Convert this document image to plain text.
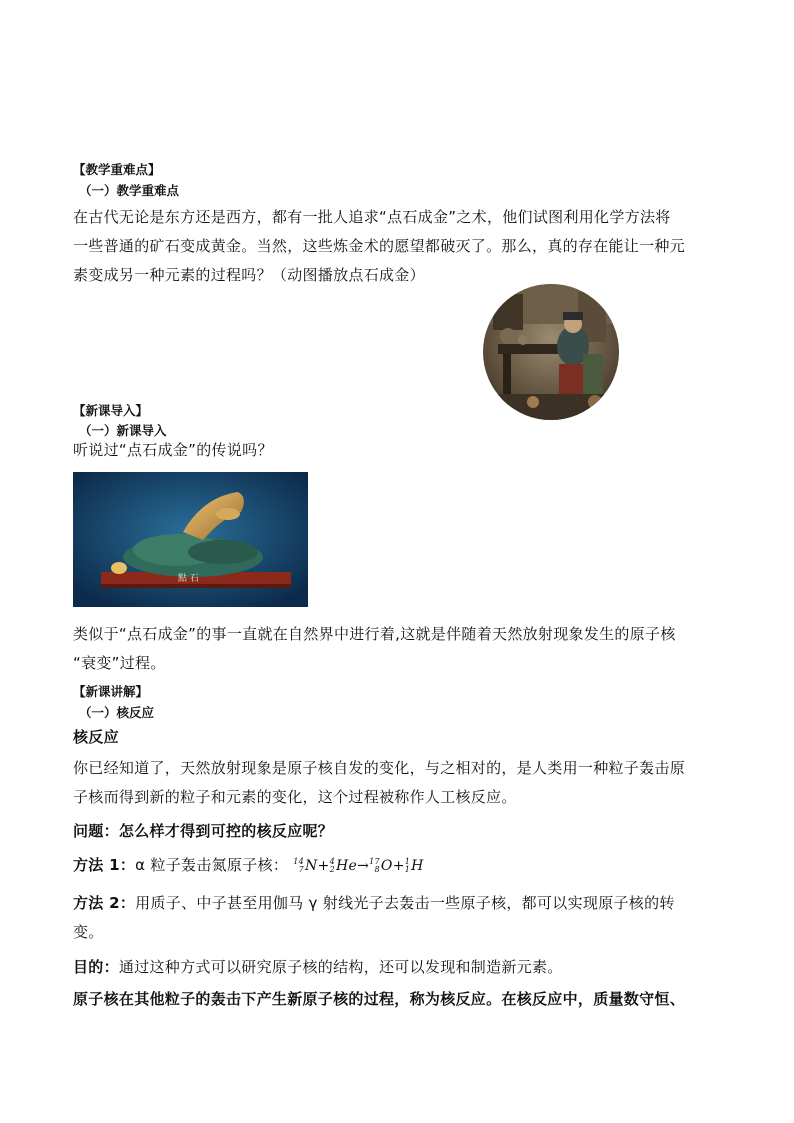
【教学重难点】
（一）教学重难点
在古代无论是东方还是西方，都有一批人追求“点石成金”之术，他们试图利用化学方法将
一些普通的矿石变成黄金。当然，这些炼金术的愿望都破灭了。那么，真的存在能让一种元
素变成另一种元素的过程吗？（动图播放点石成金）
【新课导入】
（一）新课导入
听说过“点石成金”的传说吗？
點 石
类似于“点石成金”的事一直就在自然界中进行着,这就是伴随着天然放射现象发生的原子核
“衰变”过程。
【新课讲解】
（一）核反应
核反应
你已经知道了，天然放射现象是原子核自发的变化，与之相对的，是人类用一种粒子轰击原
子核而得到新的粒子和元素的变化，这个过程被称作人工核反应。
问题：怎么样才得到可控的核反应呢？
方法 1：α 粒子轰击氮原子核： 14
7 N+ 4
2 He→ 17
8 O+ 1
1 H
方法 2：用质子、中子甚至用伽马 γ 射线光子去轰击一些原子核，都可以实现原子核的转
变。
目的：通过这种方式可以研究原子核的结构，还可以发现和制造新元素。
原子核在其他粒子的轰击下产生新原子核的过程，称为核反应。在核反应中，质量数守恒、
